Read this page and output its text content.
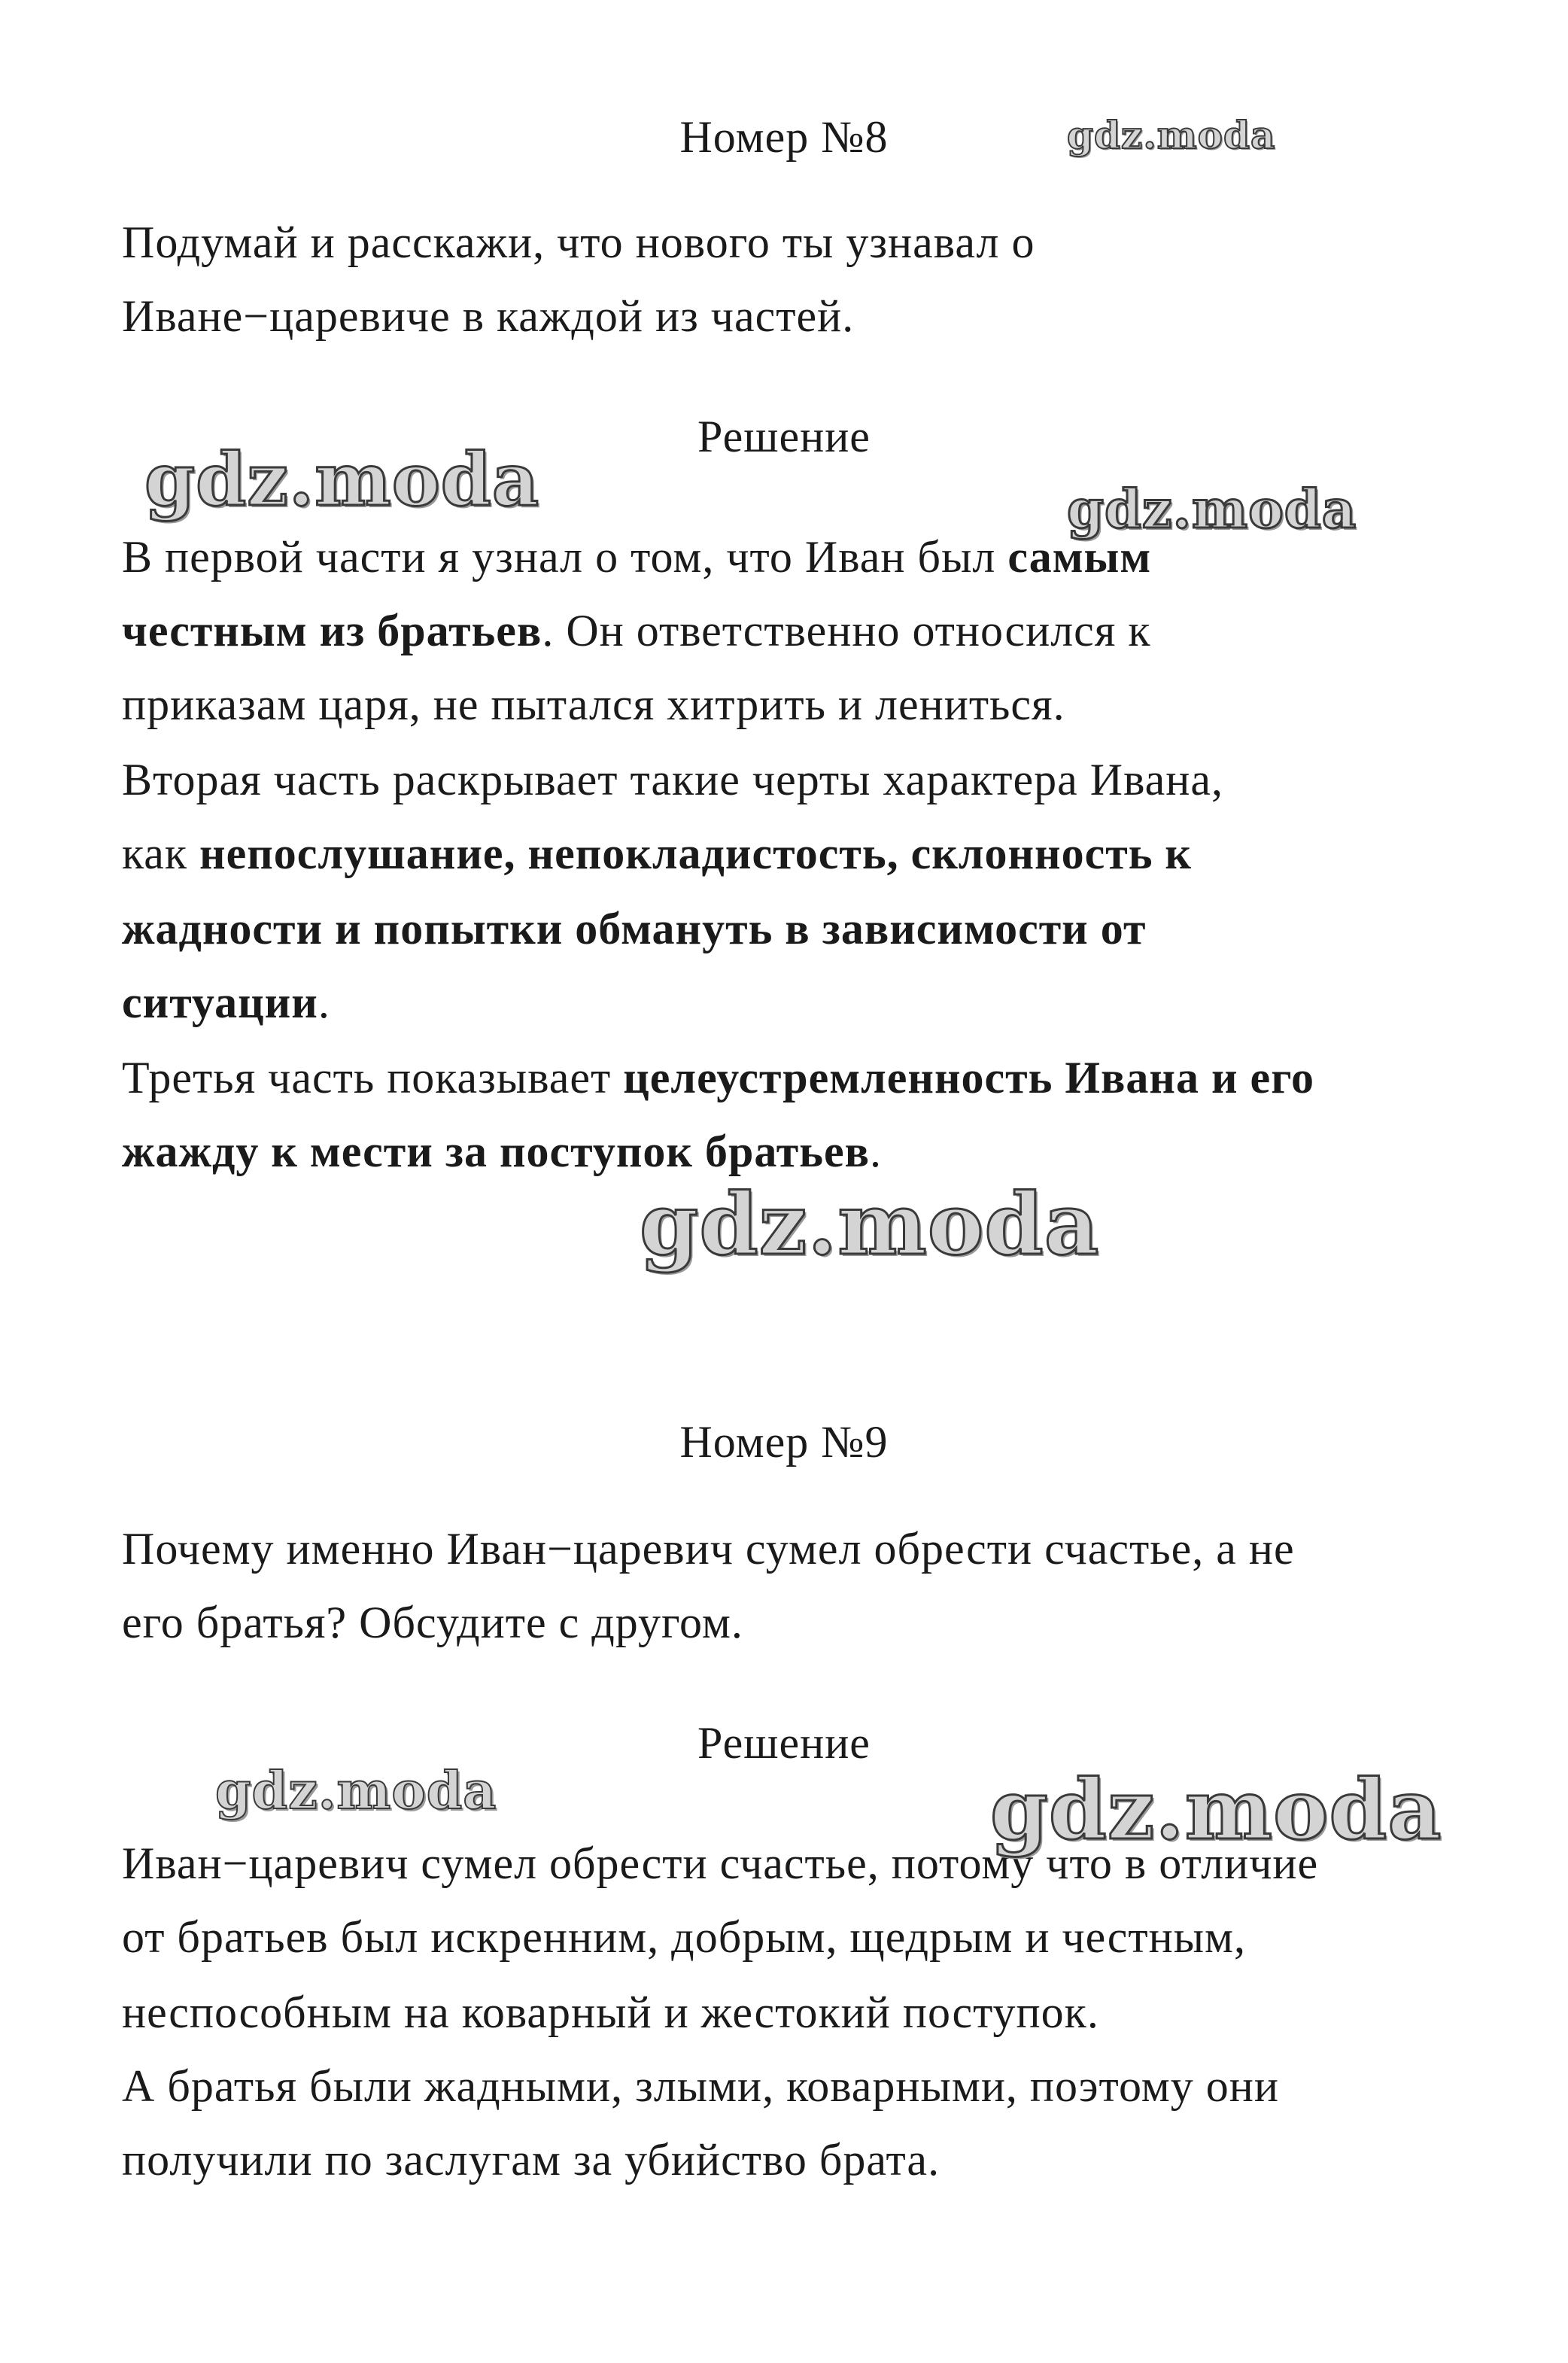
Номер №8
Подумай и расскажи, что нового ты узнавал о
Иване−царевиче в каждой из частей.
Решение
В первой части я узнал о том, что Иван был самым
честным из братьев. Он ответственно относился к
приказам царя, не пытался хитрить и лениться.
Вторая часть раскрывает такие черты характера Ивана,
как непослушание, непокладистость, склонность к
жадности и попытки обмануть в зависимости от
ситуации.
Третья часть показывает целеустремленность Ивана и его
жажду к мести за поступок братьев.
Номер №9
Почему именно Иван−царевич сумел обрести счастье, а не
его братья? Обсудите с другом.
Решение
Иван−царевич сумел обрести счастье, потому что в отличие
от братьев был искренним, добрым, щедрым и честным,
неспособным на коварный и жестокий поступок.
А братья были жадными, злыми, коварными, поэтому они
получили по заслугам за убийство брата.
gdz.moda
gdz.moda	gdz.moda
gdz.moda
gdz.moda	gdz.moda
